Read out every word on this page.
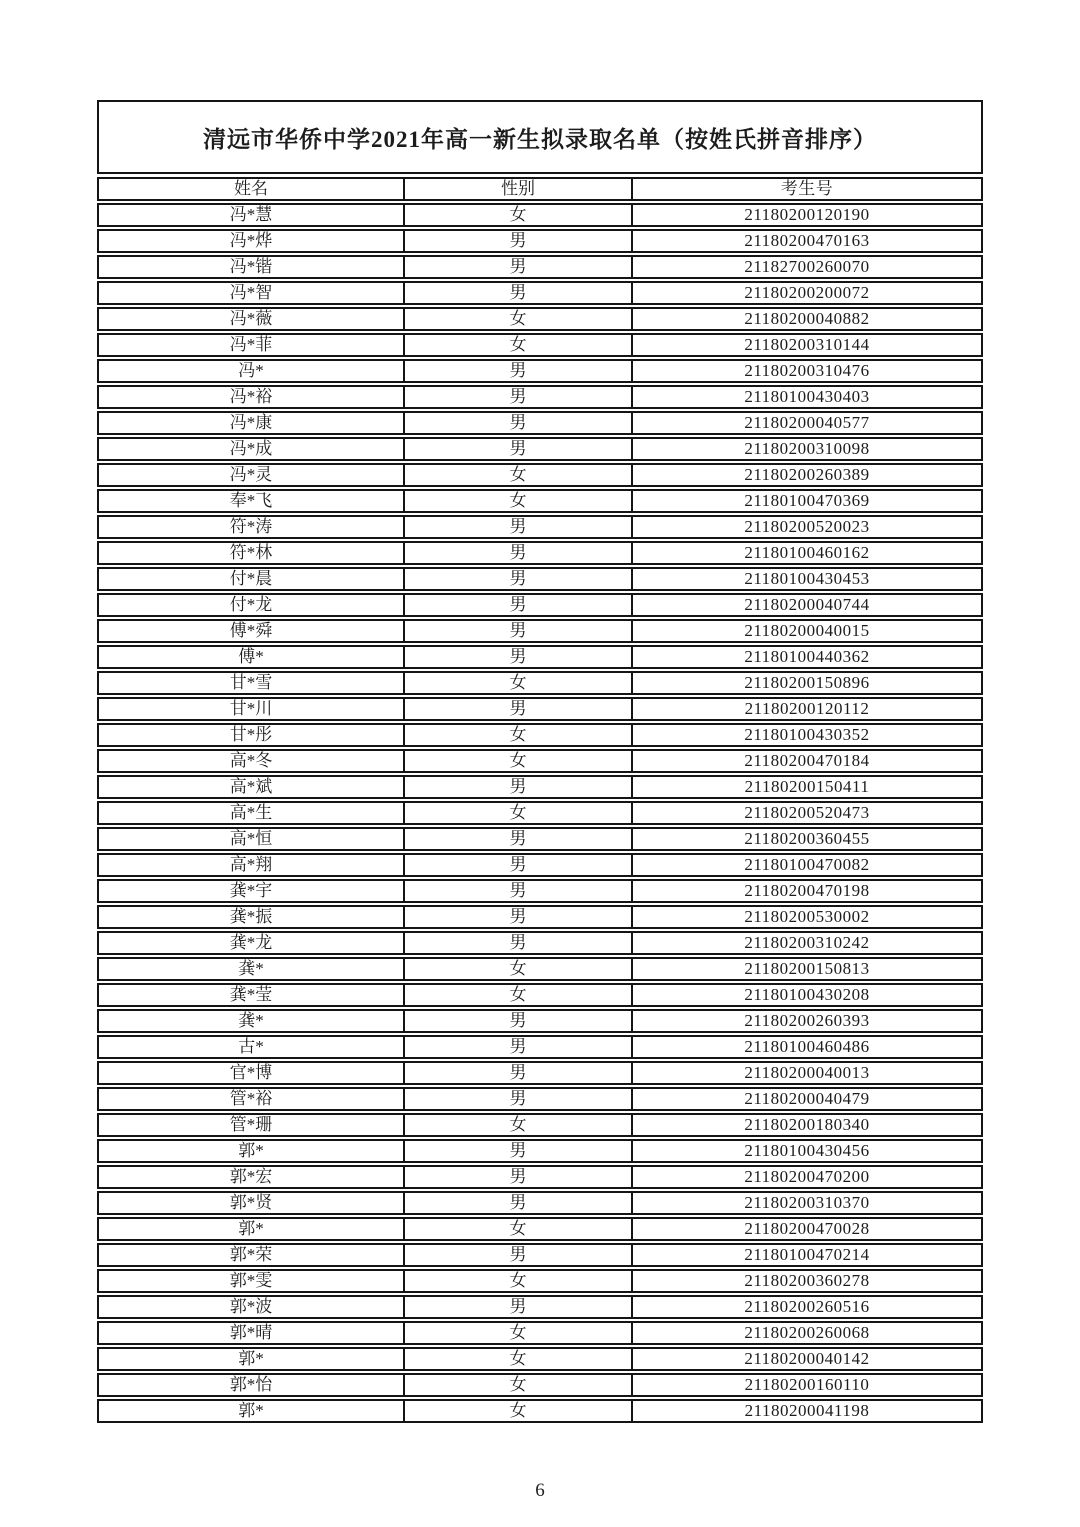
清远市华侨中学2021年高一新生拟录取名单（按姓氏拼音排序）
姓名	性别	考生号
冯*慧	女	21180200120190
冯*烨	男	21180200470163
冯*锴	男	21182700260070
冯*智	男	21180200200072
冯*薇	女	21180200040882
冯*菲	女	21180200310144
冯*	男	21180200310476
冯*裕	男	21180100430403
冯*康	男	21180200040577
冯*成	男	21180200310098
冯*灵	女	21180200260389
奉*飞	女	21180100470369
符*涛	男	21180200520023
符*林	男	21180100460162
付*晨	男	21180100430453
付*龙	男	21180200040744
傅*舜	男	21180200040015
傅*	男	21180100440362
甘*雪	女	21180200150896
甘*川	男	21180200120112
甘*彤	女	21180100430352
高*冬	女	21180200470184
高*斌	男	21180200150411
高*生	女	21180200520473
高*恒	男	21180200360455
高*翔	男	21180100470082
龚*宇	男	21180200470198
龚*振	男	21180200530002
龚*龙	男	21180200310242
龚*	女	21180200150813
龚*莹	女	21180100430208
龚*	男	21180200260393
古*	男	21180100460486
官*博	男	21180200040013
管*裕	男	21180200040479
管*珊	女	21180200180340
郭*	男	21180100430456
郭*宏	男	21180200470200
郭*贤	男	21180200310370
郭*	女	21180200470028
郭*荣	男	21180100470214
郭*雯	女	21180200360278
郭*波	男	21180200260516
郭*晴	女	21180200260068
郭*	女	21180200040142
郭*怡	女	21180200160110
郭*	女	21180200041198
6
